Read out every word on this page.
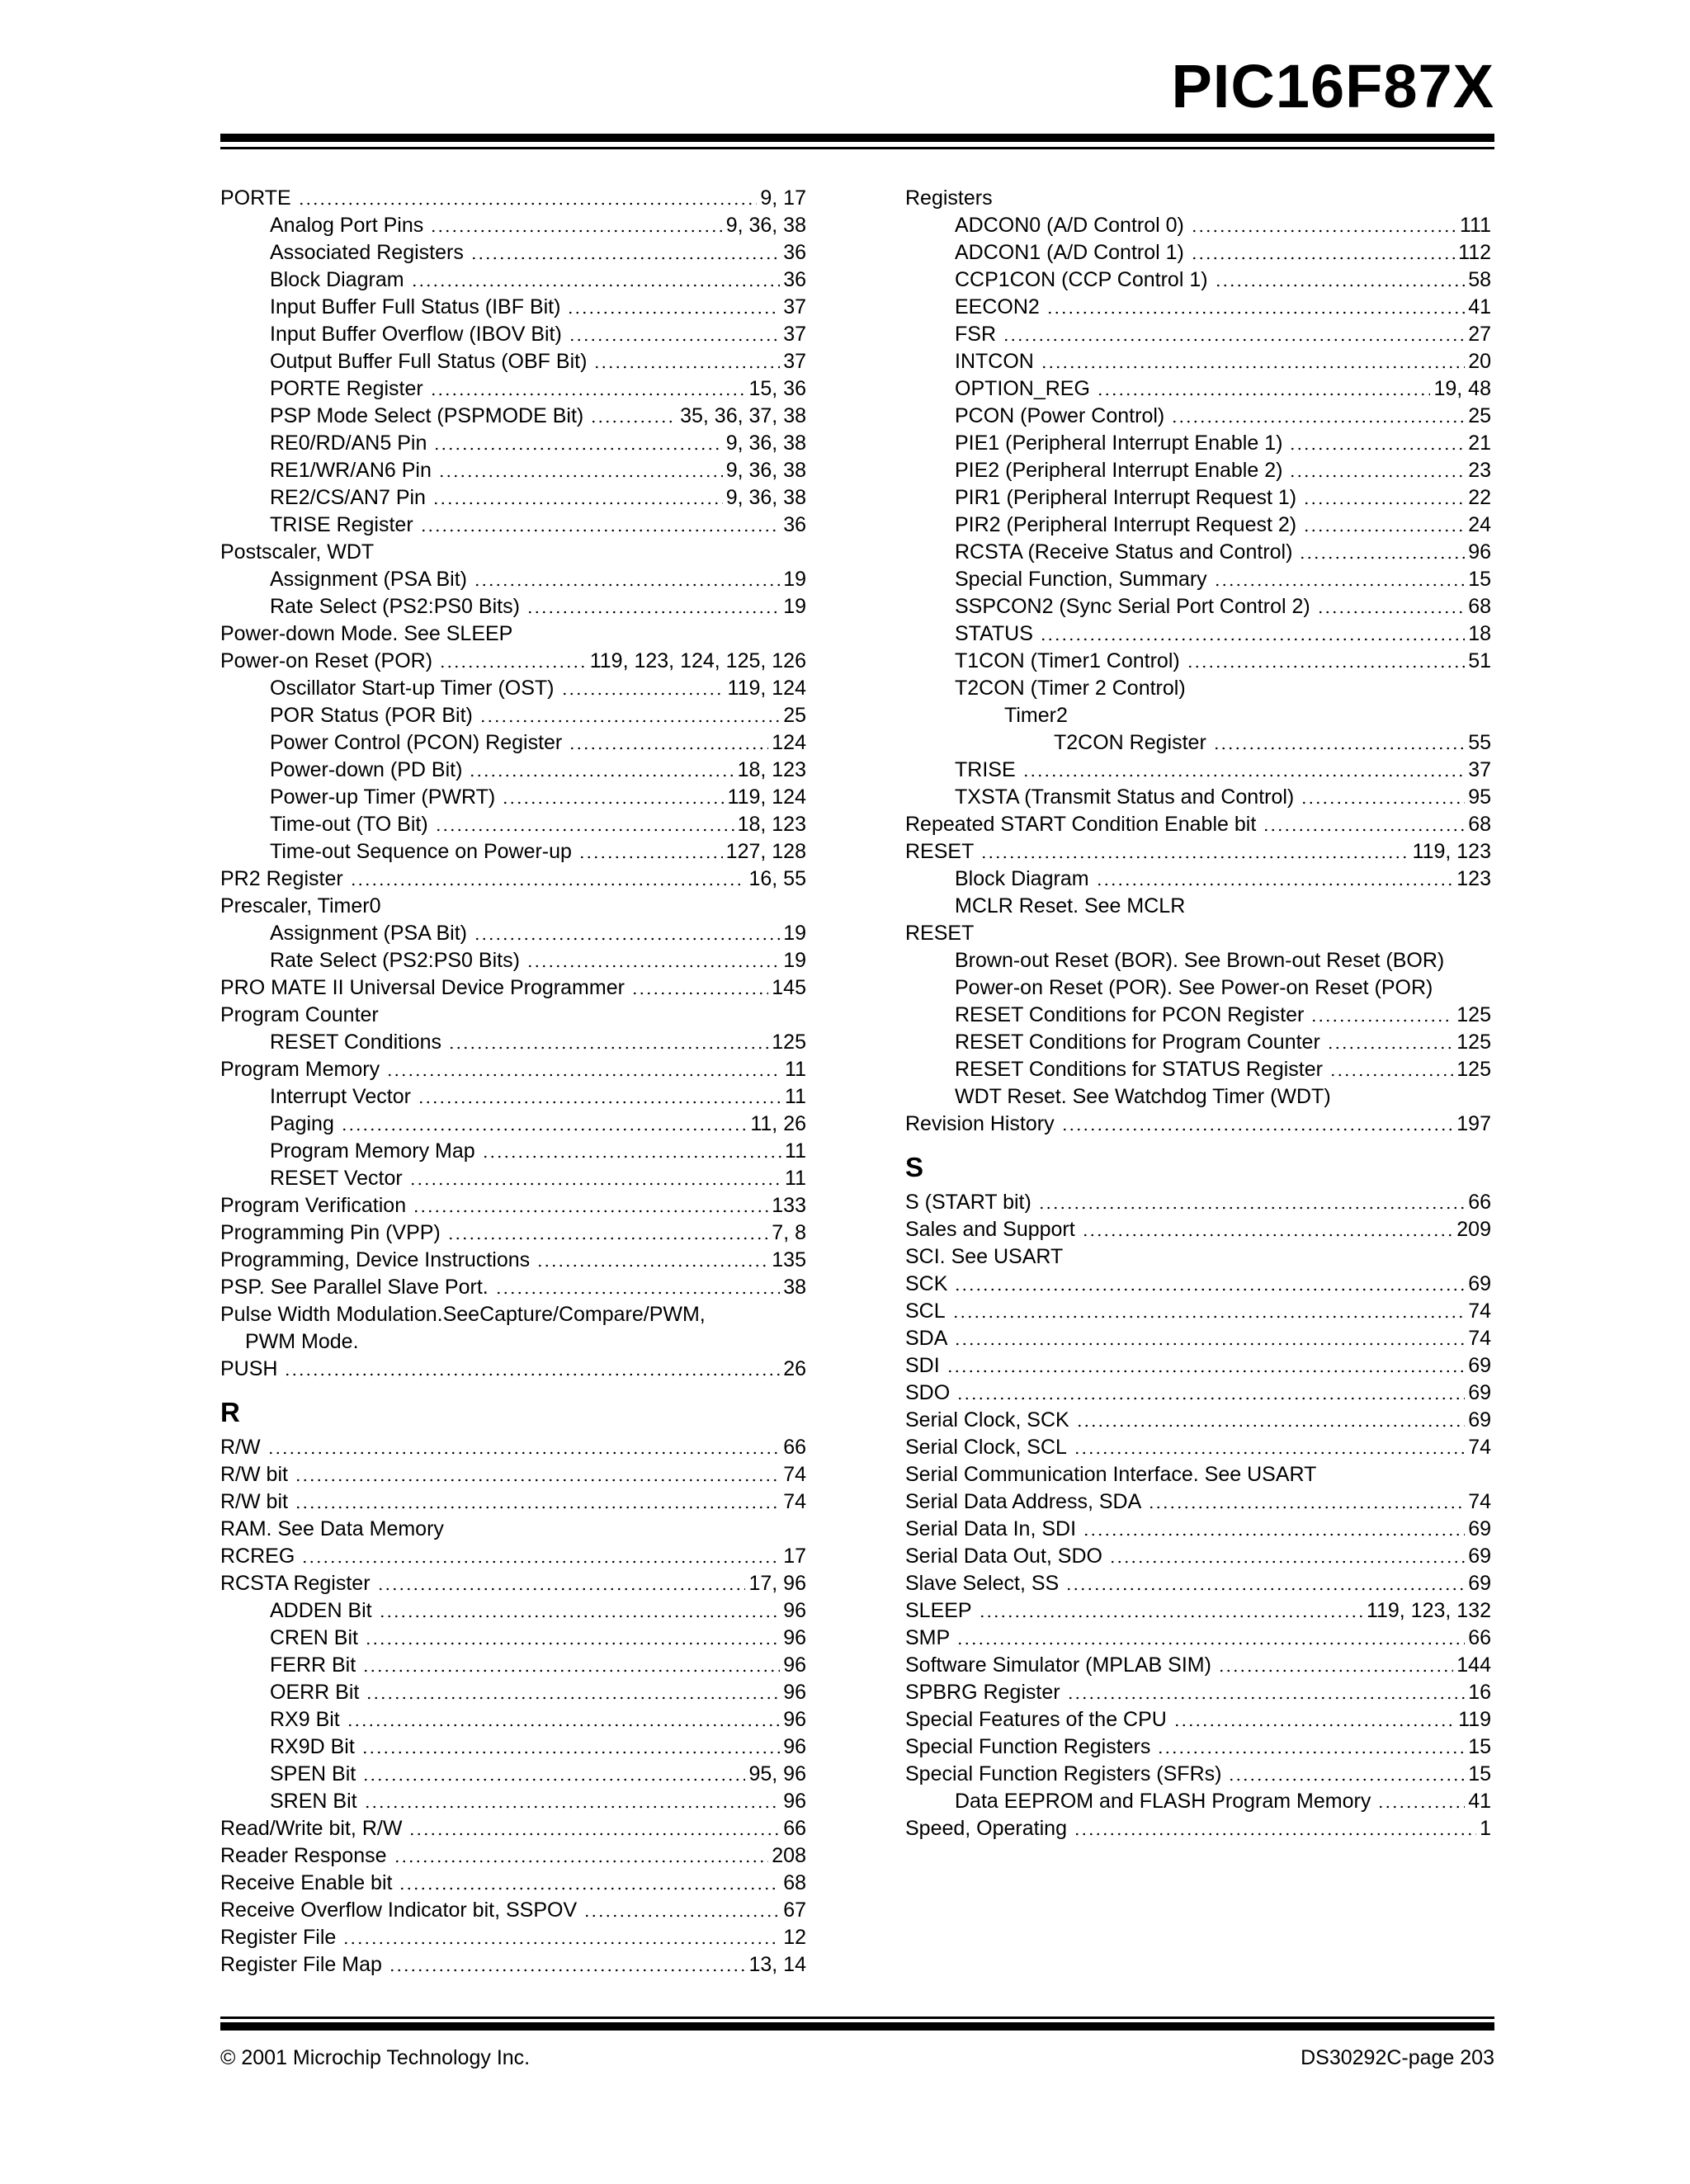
PIC16F87X
PORTE	9, 17
Analog Port Pins	9, 36, 38
Associated Registers	36
Block Diagram	36
Input Buffer Full Status (IBF Bit)	37
Input Buffer Overflow (IBOV Bit)	37
Output Buffer Full Status (OBF Bit)	37
PORTE Register	15, 36
PSP Mode Select (PSPMODE Bit)	35, 36, 37, 38
RE0/RD/AN5 Pin	9, 36, 38
RE1/WR/AN6 Pin	9, 36, 38
RE2/CS/AN7 Pin	9, 36, 38
TRISE Register	36
Postscaler, WDT
Assignment (PSA Bit)	19
Rate Select (PS2:PS0 Bits)	19
Power-down Mode. See SLEEP
Power-on Reset (POR)	119, 123, 124, 125, 126
Oscillator Start-up Timer (OST)	119, 124
POR Status (POR Bit)	25
Power Control (PCON) Register	124
Power-down (PD Bit)	18, 123
Power-up Timer (PWRT)	119, 124
Time-out (TO Bit)	18, 123
Time-out Sequence on Power-up	127, 128
PR2 Register	16, 55
Prescaler, Timer0
Assignment (PSA Bit)	19
Rate Select (PS2:PS0 Bits)	19
PRO MATE II Universal Device Programmer	145
Program Counter
RESET Conditions	125
Program Memory	11
Interrupt Vector	11
Paging	11, 26
Program Memory Map	11
RESET Vector	11
Program Verification	133
Programming Pin (VPP)	7, 8
Programming, Device Instructions	135
PSP. See Parallel Slave Port.	38
Pulse Width Modulation.SeeCapture/Compare/PWM,
PWM Mode.
PUSH	26
R
R/W	66
R/W bit	74
R/W bit	74
RAM. See Data Memory
RCREG	17
RCSTA Register	17, 96
ADDEN Bit	96
CREN Bit	96
FERR Bit	96
OERR Bit	96
RX9 Bit	96
RX9D Bit	96
SPEN Bit	95, 96
SREN Bit	96
Read/Write bit, R/W	66
Reader Response	208
Receive Enable bit	68
Receive Overflow Indicator bit, SSPOV	67
Register File	12
Register File Map	13, 14
Registers
ADCON0 (A/D Control 0)	111
ADCON1 (A/D Control 1)	112
CCP1CON (CCP Control 1)	58
EECON2	41
FSR	27
INTCON	20
OPTION_REG	19, 48
PCON (Power Control)	25
PIE1 (Peripheral Interrupt Enable 1)	21
PIE2 (Peripheral Interrupt Enable 2)	23
PIR1 (Peripheral Interrupt Request 1)	22
PIR2 (Peripheral Interrupt Request 2)	24
RCSTA (Receive Status and Control)	96
Special Function, Summary	15
SSPCON2 (Sync Serial Port Control 2)	68
STATUS	18
T1CON (Timer1 Control)	51
T2CON (Timer 2 Control)
Timer2
T2CON Register	55
TRISE	37
TXSTA (Transmit Status and Control)	95
Repeated START Condition Enable bit	68
RESET	119, 123
Block Diagram	123
MCLR Reset. See MCLR
RESET
Brown-out Reset (BOR). See Brown-out Reset (BOR)
Power-on Reset (POR). See Power-on Reset (POR)
RESET Conditions for PCON Register	125
RESET Conditions for Program Counter	125
RESET Conditions for STATUS Register	125
WDT Reset. See Watchdog Timer (WDT)
Revision History	197
S
S (START bit)	66
Sales and Support	209
SCI. See USART
SCK	69
SCL	74
SDA	74
SDI	69
SDO	69
Serial Clock, SCK	69
Serial Clock, SCL	74
Serial Communication Interface. See USART
Serial Data Address, SDA	74
Serial Data In, SDI	69
Serial Data Out, SDO	69
Slave Select, SS	69
SLEEP	119, 123, 132
SMP	66
Software Simulator (MPLAB SIM)	144
SPBRG Register	16
Special Features of the CPU	119
Special Function Registers	15
Special Function Registers (SFRs)	15
Data EEPROM and FLASH Program Memory	41
Speed, Operating	1
© 2001 Microchip Technology Inc.	DS30292C-page 203
